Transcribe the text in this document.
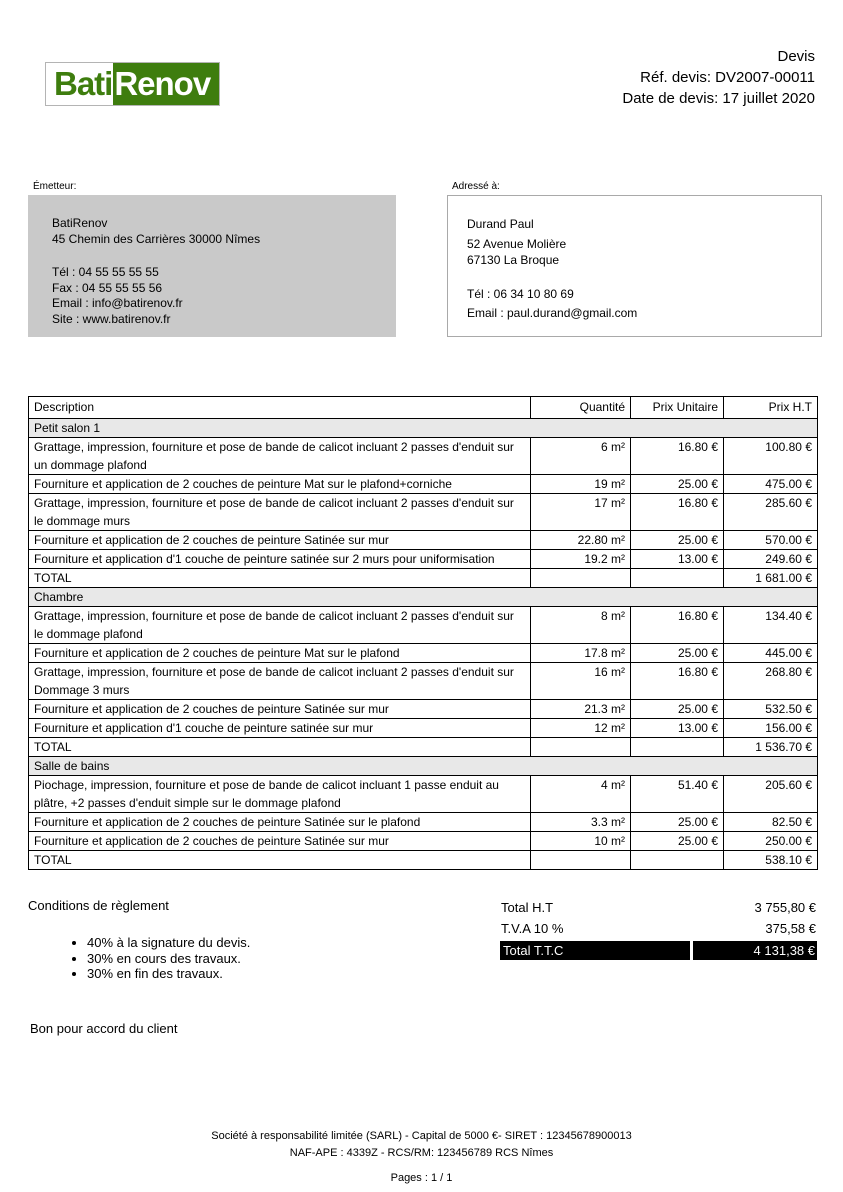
Bati Renov
Devis
Réf. devis: DV2007-00011
Date de devis: 17 juillet 2020
Émetteur:
BatiRenov
45 Chemin des Carrières 30000 Nîmes
Tél : 04 55 55 55 55
Fax : 04 55 55 55 56
Email : info@batirenov.fr
Site : www.batirenov.fr
Adressé à:
Durand Paul
52 Avenue Molière
67130 La Broque
Tél : 06 34 10 80 69
Email : paul.durand@gmail.com
Description	Quantité	Prix Unitaire	Prix H.T
Petit salon 1			
Grattage, impression, fourniture et pose de bande de calicot incluant 2 passes d'enduit sur un dommage plafond	6 m²	16.80 €	100.80 €
Fourniture et application de 2 couches de peinture Mat sur le plafond+corniche	19 m²	25.00 €	475.00 €
Grattage, impression, fourniture et pose de bande de calicot incluant 2 passes d'enduit sur le dommage murs	17 m²	16.80 €	285.60 €
Fourniture et application de 2 couches de peinture Satinée sur mur	22.80 m²	25.00 €	570.00 €
Fourniture et application d'1 couche de peinture satinée sur 2 murs pour uniformisation	19.2 m²	13.00 €	249.60 €
TOTAL			1 681.00 €
Chambre			
Grattage, impression, fourniture et pose de bande de calicot incluant 2 passes d'enduit sur le dommage plafond	8 m²	16.80 €	134.40 €
Fourniture et application de 2 couches de peinture Mat sur le plafond	17.8 m²	25.00 €	445.00 €
Grattage, impression, fourniture et pose de bande de calicot incluant 2 passes d'enduit sur Dommage 3 murs	16 m²	16.80 €	268.80 €
Fourniture et application de 2 couches de peinture Satinée sur mur	21.3 m²	25.00 €	532.50 €
Fourniture et application d'1 couche de peinture satinée sur mur	12 m²	13.00 €	156.00 €
TOTAL			1 536.70 €
Salle de bains			
Piochage, impression, fourniture et pose de bande de calicot incluant 1 passe enduit au plâtre, +2 passes d'enduit simple sur le dommage plafond	4 m²	51.40 €	205.60 €
Fourniture et application de 2 couches de peinture Satinée sur le plafond	3.3 m²	25.00 €	82.50 €
Fourniture et application de 2 couches de peinture Satinée sur mur	10 m²	25.00 €	250.00 €
TOTAL			538.10 €
Conditions de règlement
• 40% à la signature du devis.
• 30% en cours des travaux.
• 30% en fin des travaux.
Total H.T	3 755,80 €
T.V.A 10 %	375,58 €
Total T.T.C	4 131,38 €
Bon pour accord du client
Société à responsabilité limitée (SARL) - Capital de 5000 €- SIRET : 12345678900013
NAF-APE : 4339Z - RCS/RM: 123456789 RCS Nîmes
Pages : 1 / 1
